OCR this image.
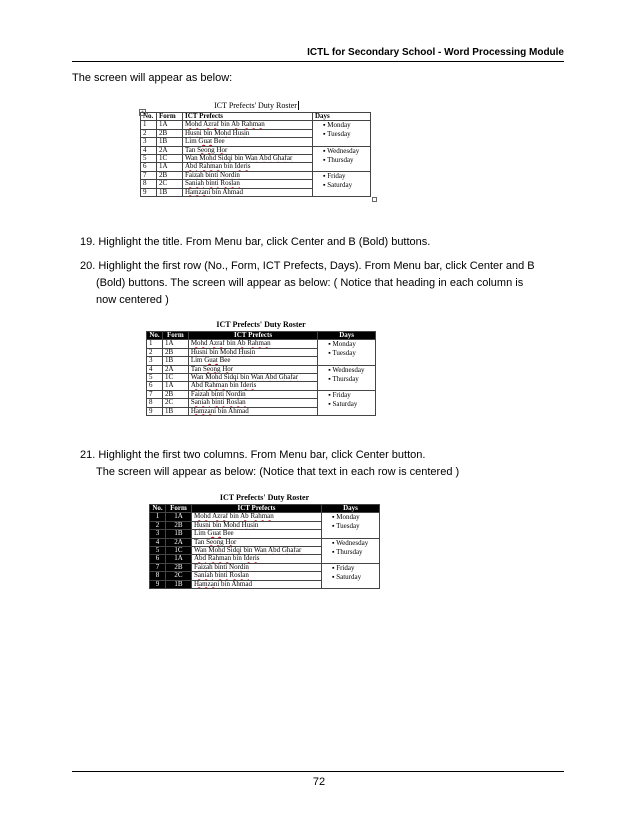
ICTL for Secondary School - Word Processing Module
The screen will appear as below:
+
ICT Prefects' Duty Roster
No.	Form	ICT Prefects	Days
1	1A	Mohd Azraf bin Ab Rahman	▪ Monday
▪ Tuesday

2	2B	Husni bin Mohd Husin	
3	1B	Lim Guat Bee	
4	2A	Tan Seong Hor	▪ Wednesday
▪ Thursday

5	1C	Wan Mohd Sidqi bin Wan Abd Ghafar	
6	1A	Abd Rahman bin Ideris	
7	2B	Faizah binti Nordin	▪ Friday
▪ Saturday

8	2C	Saniah binti Roslan	
9	1B	Hamzani bin Ahmad	
19. Highlight the title. From Menu bar, click Center and B (Bold) buttons.
20. Highlight the first row (No., Form, ICT Prefects, Days). From Menu bar, click Center and B
(Bold) buttons. The screen will appear as below: ( Notice that heading in each column is
now centered )
ICT Prefects' Duty Roster
No.	Form	ICT Prefects	Days
1	1A	Mohd Azraf bin Ab Rahman	▪ Monday
▪ Tuesday

2	2B	Husni bin Mohd Husin	
3	1B	Lim Guat Bee	
4	2A	Tan Seong Hor	▪ Wednesday
▪ Thursday

5	1C	Wan Mohd Sidqi bin Wan Abd Ghafar	
6	1A	Abd Rahman bin Ideris	
7	2B	Faizah binti Nordin	▪ Friday
▪ Saturday

8	2C	Saniah binti Roslan	
9	1B	Hamzani bin Ahmad	
21. Highlight the first two columns. From Menu bar, click Center button.
The screen will appear as below: (Notice that text in each row is centered )
ICT Prefects' Duty Roster
No.	Form	ICT Prefects	Days
1	1A	Mohd Azraf bin Ab Rahman	▪ Monday
▪ Tuesday

2	2B	Husni bin Mohd Husin	
3	1B	Lim Guat Bee	
4	2A	Tan Seong Hor	▪ Wednesday
▪ Thursday

5	1C	Wan Mohd Sidqi bin Wan Abd Ghafar	
6	1A	Abd Rahman bin Ideris	
7	2B	Faizah binti Nordin	▪ Friday
▪ Saturday

8	2C	Saniah binti Roslan	
9	1B	Hamzani bin Ahmad	
72
